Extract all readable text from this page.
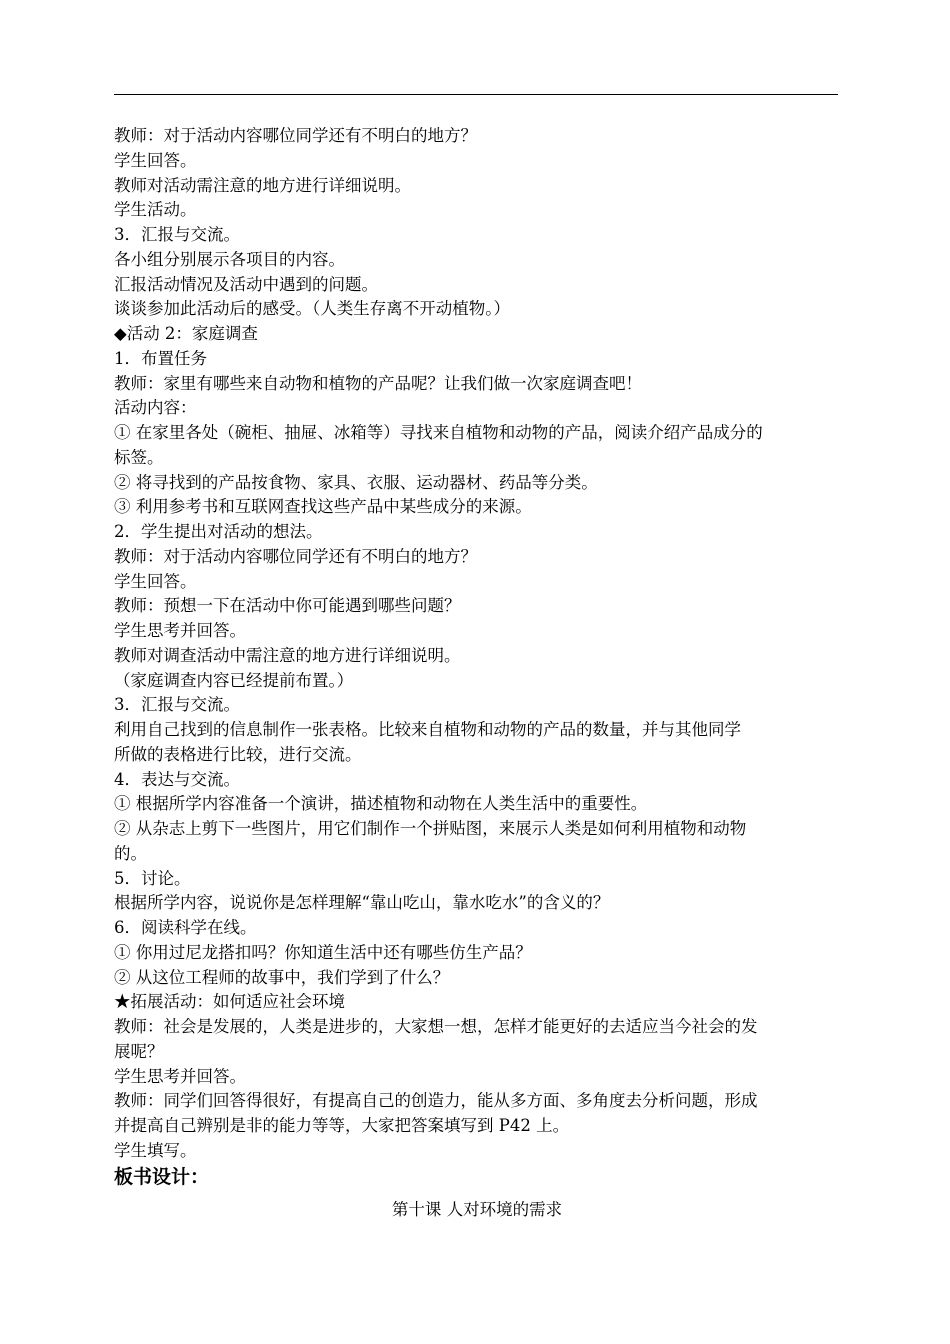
教师：对于活动内容哪位同学还有不明白的地方？
学生回答。
教师对活动需注意的地方进行详细说明。
学生活动。
3．汇报与交流。
各小组分别展示各项目的内容。
汇报活动情况及活动中遇到的问题。
谈谈参加此活动后的感受。（人类生存离不开动植物。）
◆活动 2：家庭调查
1．布置任务
教师：家里有哪些来自动物和植物的产品呢？让我们做一次家庭调查吧！
活动内容：
① 在家里各处（碗柜、抽屉、冰箱等）寻找来自植物和动物的产品，阅读介绍产品成分的
标签。
② 将寻找到的产品按食物、家具、衣服、运动器材、药品等分类。
③ 利用参考书和互联网查找这些产品中某些成分的来源。
2．学生提出对活动的想法。
教师：对于活动内容哪位同学还有不明白的地方？
学生回答。
教师：预想一下在活动中你可能遇到哪些问题？
学生思考并回答。
教师对调查活动中需注意的地方进行详细说明。
（家庭调查内容已经提前布置。）
3．汇报与交流。
利用自己找到的信息制作一张表格。比较来自植物和动物的产品的数量，并与其他同学
所做的表格进行比较，进行交流。
4．表达与交流。
① 根据所学内容准备一个演讲，描述植物和动物在人类生活中的重要性。
② 从杂志上剪下一些图片，用它们制作一个拼贴图，来展示人类是如何利用植物和动物
的。
5．讨论。
根据所学内容，说说你是怎样理解“靠山吃山，靠水吃水”的含义的？
6．阅读科学在线。
① 你用过尼龙搭扣吗？你知道生活中还有哪些仿生产品？
② 从这位工程师的故事中，我们学到了什么？
★拓展活动：如何适应社会环境
教师：社会是发展的，人类是进步的，大家想一想，怎样才能更好的去适应当今社会的发
展呢？
学生思考并回答。
教师：同学们回答得很好，有提高自己的创造力，能从多方面、多角度去分析问题，形成
并提高自己辨别是非的能力等等，大家把答案填写到 P42 上。
学生填写。
板书设计：
第十课 人对环境的需求
